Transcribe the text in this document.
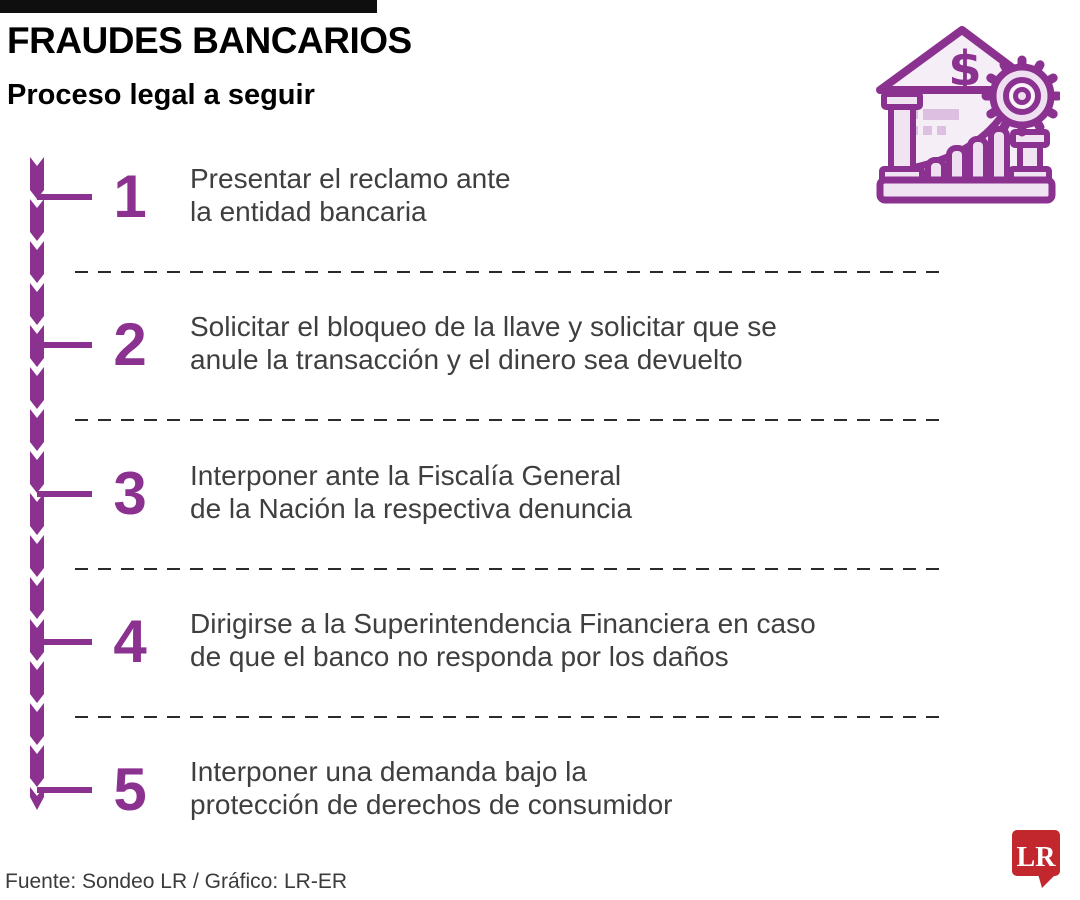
FRAUDES BANCARIOS
Proceso legal a seguir	$
1	Presentar el reclamo ante
la entidad bancaria
2	Solicitar el bloqueo de la llave y solicitar que se
anule la transacción y el dinero sea devuelto
3	Interponer ante la Fiscalía General
de la Nación la respectiva denuncia
4	Dirigirse a la Superintendencia Financiera en caso
de que el banco no responda por los daños
5	Interponer una demanda bajo la
protección de derechos de consumidor
Fuente: Sondeo LR / Gráfico: LR-ER
LR
